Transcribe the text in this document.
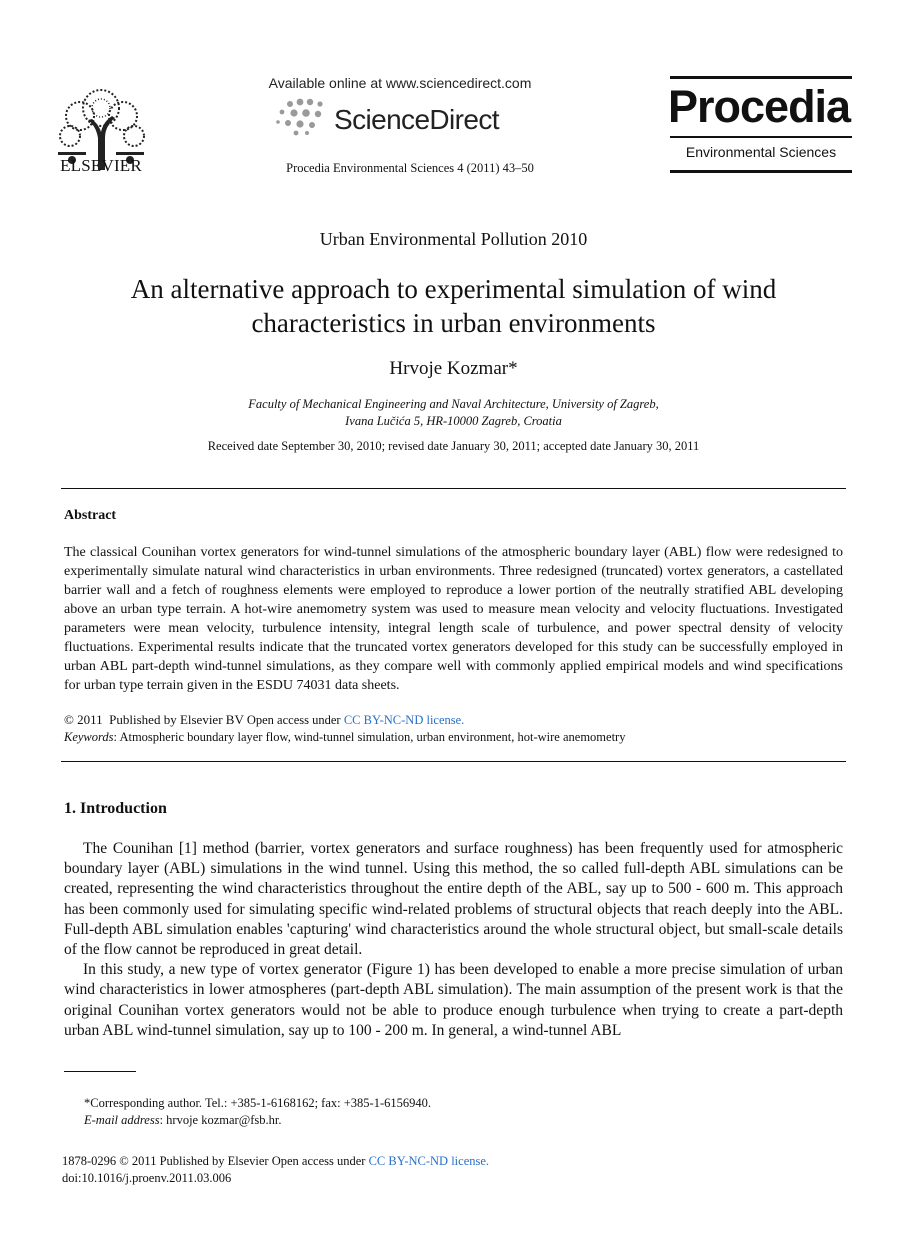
ELSEVIER
Available online at www.sciencedirect.com
ScienceDirect
Procedia Environmental Sciences 4 (2011) 43–50
Procedia
Environmental Sciences
Urban Environmental Pollution 2010
An alternative approach to experimental simulation of wind
characteristics in urban environments
Hrvoje Kozmar*
Faculty of Mechanical Engineering and Naval Architecture, University of Zagreb,
Ivana Lučića 5, HR-10000 Zagreb, Croatia
Received date September 30, 2010; revised date January 30, 2011; accepted date January 30, 2011
Abstract
The classical Counihan vortex generators for wind-tunnel simulations of the atmospheric boundary layer (ABL) flow were redesigned to experimentally simulate natural wind characteristics in urban environments. Three redesigned (truncated) vortex generators, a castellated barrier wall and a fetch of roughness elements were employed to reproduce a lower portion of the neutrally stratified ABL developing above an urban type terrain. A hot-wire anemometry system was used to measure mean velocity and velocity fluctuations. Investigated parameters were mean velocity, turbulence intensity, integral length scale of turbulence, and power spectral density of velocity fluctuations. Experimental results indicate that the truncated vortex generators developed for this study can be successfully employed in urban ABL part-depth wind-tunnel simulations, as they compare well with commonly applied empirical models and wind specifications for urban type terrain given in the ESDU 74031 data sheets.
© 2011 Published by Elsevier BV Open access under CC BY-NC-ND license.
Keywords: Atmospheric boundary layer flow, wind-tunnel simulation, urban environment, hot-wire anemometry
1. Introduction
The Counihan [1] method (barrier, vortex generators and surface roughness) has been frequently used for atmospheric boundary layer (ABL) simulations in the wind tunnel. Using this method, the so called full-depth ABL simulations can be created, representing the wind characteristics throughout the entire depth of the ABL, say up to 500 - 600 m. This approach has been commonly used for simulating specific wind-related problems of structural objects that reach deeply into the ABL. Full-depth ABL simulation enables 'capturing' wind characteristics around the whole structural object, but small-scale details of the flow cannot be reproduced in great detail.
In this study, a new type of vortex generator (Figure 1) has been developed to enable a more precise simulation of urban wind characteristics in lower atmospheres (part-depth ABL simulation). The main assumption of the present work is that the original Counihan vortex generators would not be able to produce enough turbulence when trying to create a part-depth urban ABL wind-tunnel simulation, say up to 100 - 200 m. In general, a wind-tunnel ABL
*Corresponding author. Tel.: +385-1-6168162; fax: +385-1-6156940.
E-mail address: hrvoje kozmar@fsb.hr.
1878-0296 © 2011 Published by Elsevier Open access under CC BY-NC-ND license.
doi:10.1016/j.proenv.2011.03.006
